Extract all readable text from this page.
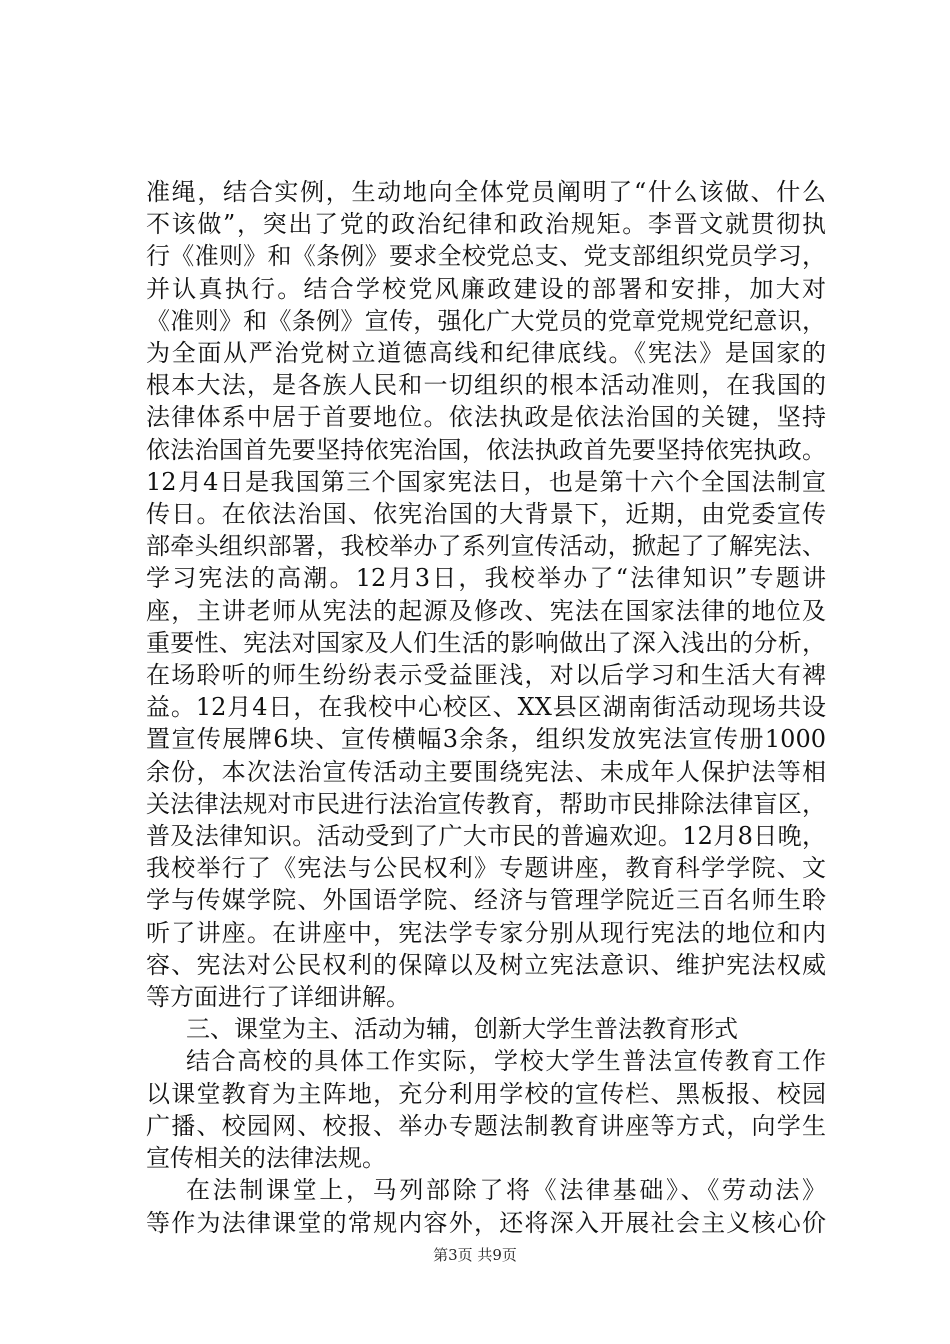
准绳，结合实例，生动地向全体党员阐明了“什么该做、什么

不该做”，突出了党的政治纪律和政治规矩。李晋文就贯彻执

行《准则》和《条例》要求全校党总支、党支部组织党员学习，

并认真执行。结合学校党风廉政建设的部署和安排，加大对

《准则》和《条例》宣传，强化广大党员的党章党规党纪意识，

为全面从严治党树立道德高线和纪律底线。《宪法》是国家的

根本大法，是各族人民和一切组织的根本活动准则，在我国的

法律体系中居于首要地位。依法执政是依法治国的关键，坚持

依法治国首先要坚持依宪治国，依法执政首先要坚持依宪执政。

12月4日是我国第三个国家宪法日，也是第十六个全国法制宣

传日。在依法治国、依宪治国的大背景下，近期，由党委宣传

部牵头组织部署，我校举办了系列宣传活动，掀起了了解宪法、

学习宪法的高潮。12月3日，我校举办了“法律知识”专题讲

座，主讲老师从宪法的起源及修改、宪法在国家法律的地位及

重要性、宪法对国家及人们生活的影响做出了深入浅出的分析，

在场聆听的师生纷纷表示受益匪浅，对以后学习和生活大有裨

益。12月4日，在我校中心校区、XX县区湖南街活动现场共设

置宣传展牌6块、宣传横幅3余条，组织发放宪法宣传册1000

余份，本次法治宣传活动主要围绕宪法、未成年人保护法等相

关法律法规对市民进行法治宣传教育，帮助市民排除法律盲区，

普及法律知识。活动受到了广大市民的普遍欢迎。12月8日晚，

我校举行了《宪法与公民权利》专题讲座，教育科学学院、文

学与传媒学院、外国语学院、经济与管理学院近三百名师生聆

听了讲座。在讲座中，宪法学专家分别从现行宪法的地位和内

容、宪法对公民权利的保障以及树立宪法意识、维护宪法权威

等方面进行了详细讲解。

三、课堂为主、活动为辅，创新大学生普法教育形式

结合高校的具体工作实际，学校大学生普法宣传教育工作

以课堂教育为主阵地，充分利用学校的宣传栏、黑板报、校园

广播、校园网、校报、举办专题法制教育讲座等方式，向学生

宣传相关的法律法规。

在法制课堂上，马列部除了将《法律基础》、《劳动法》

等作为法律课堂的常规内容外，还将深入开展社会主义核心价

第3页 共9页
